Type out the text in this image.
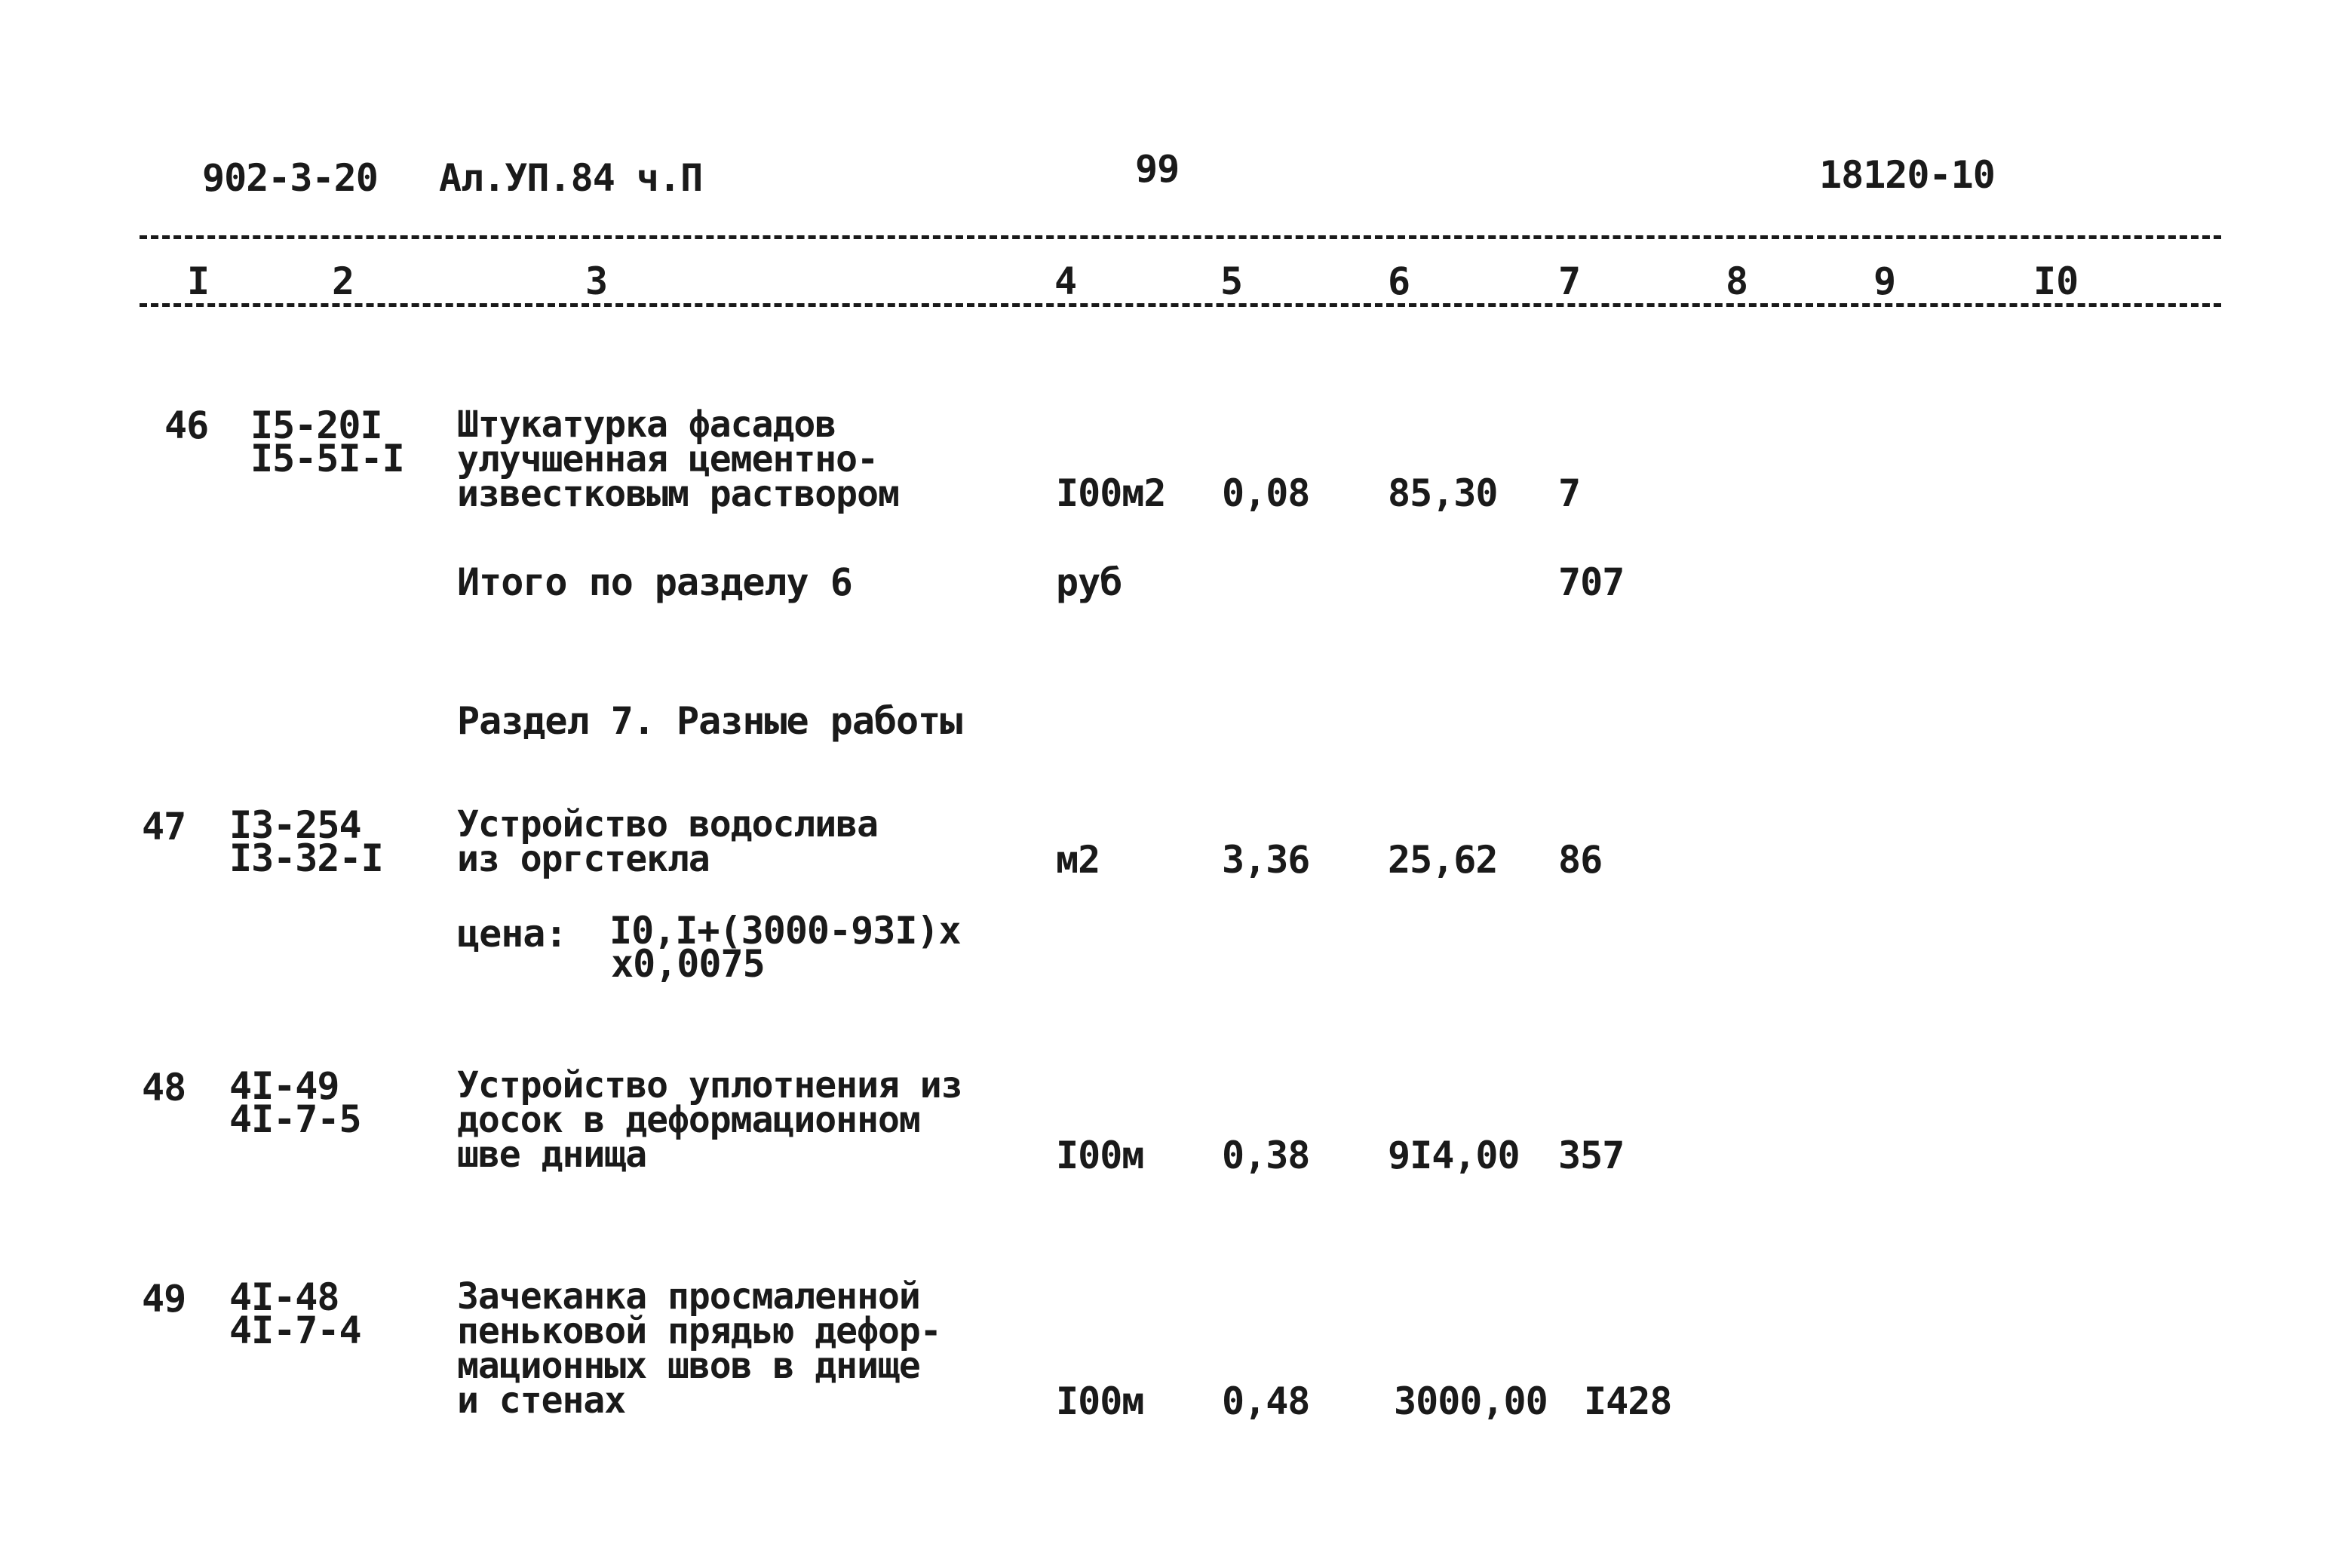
902-3-20 Ал.УП.84 ч.П	99	18120-10
I	2	3	4	5	6	7	8	9	I0
46 I5-20I
I5-5I-I
Штукатурка фасадов
улучшенная цементно-
известковым раствором	I00м2 0,08 85,30 7
Итого по разделу 6	руб	707
Раздел 7. Разные работы
47 I3-254
I3-32-I
Устройство водослива
из оргстекла	м2	3,36 25,62 86
цена: I0,I+(3000-93I)x
x0,0075
48 4I-49
4I-7-5
Устройство уплотнения из
досок в деформационном
шве днища	I00м 0,38 9I4,00 357
49 4I-48
4I-7-4
Зачеканка просмаленной
пеньковой прядью дефор-
мационных швов в днище
и стенах	I00м 0,48 3000,00 I428
